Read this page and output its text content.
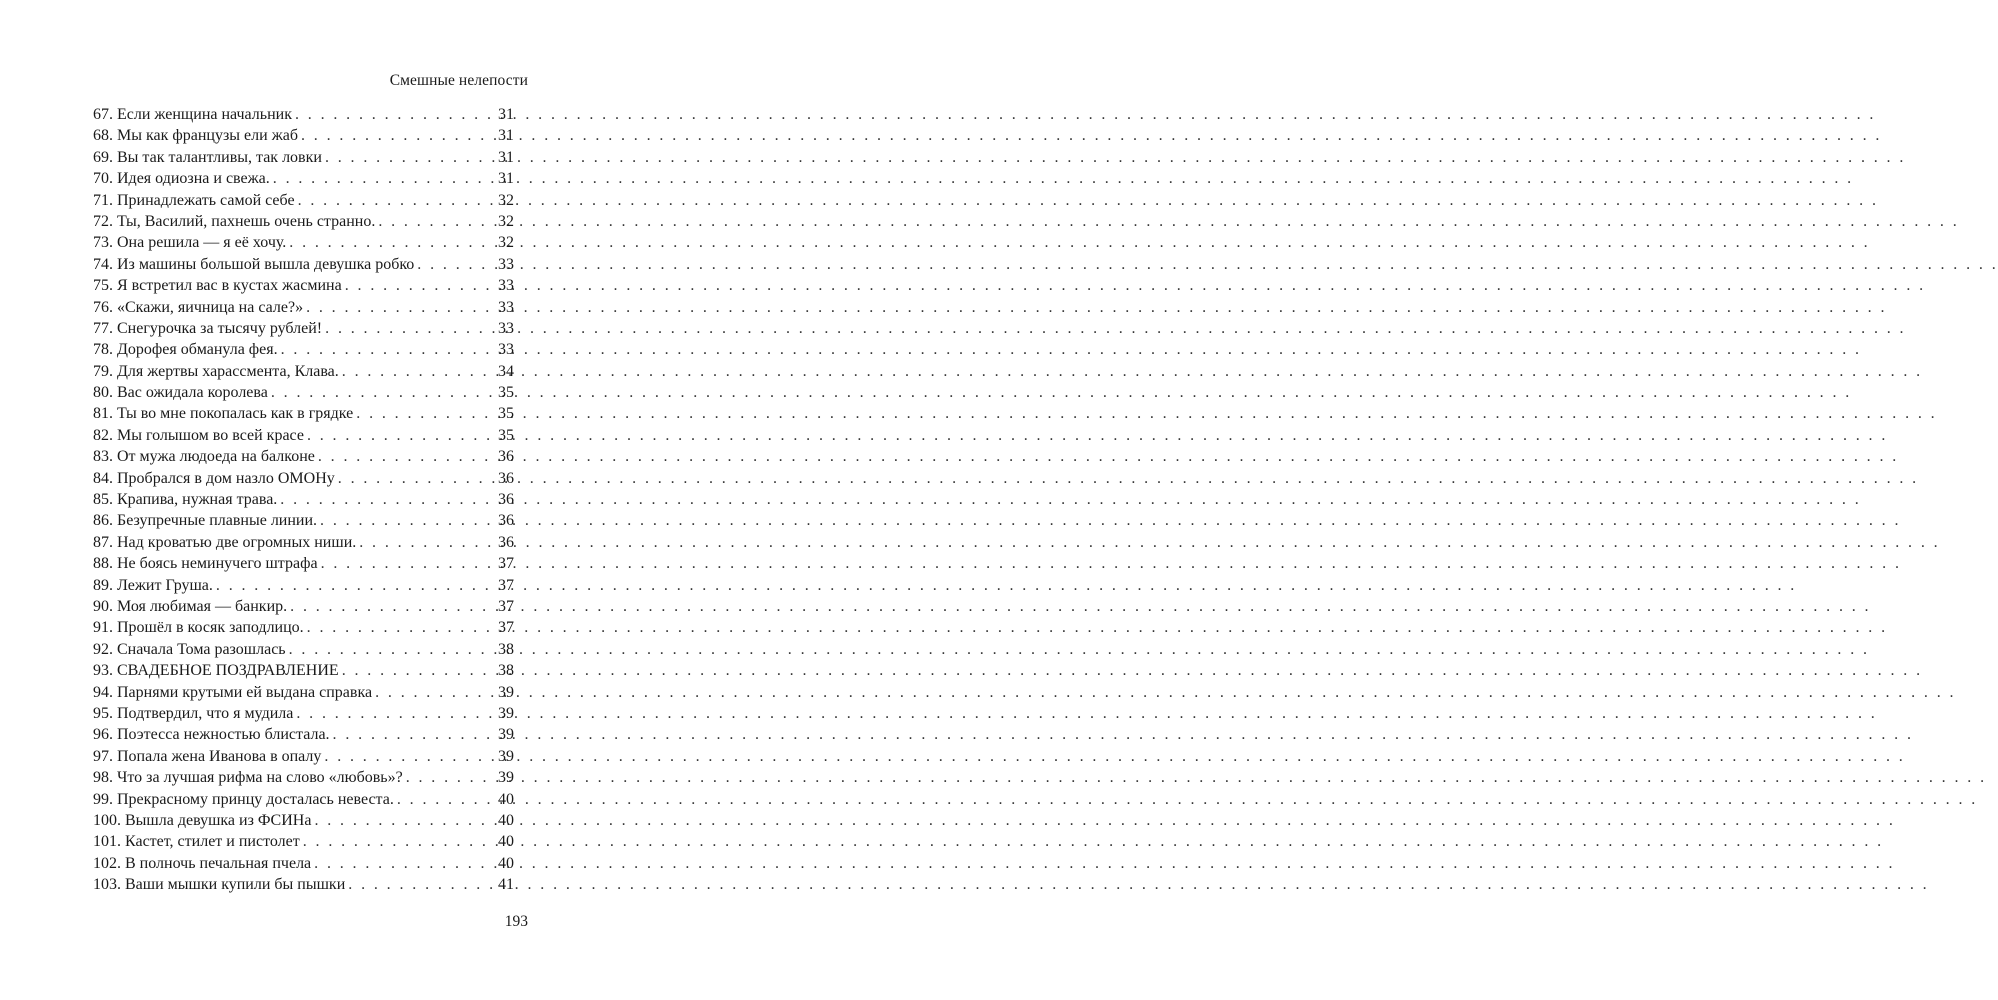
Смешные нелепости
67. Если женщина начальник . . .	31
68. Мы как французы ели жаб . . .	31
69. Вы так талантливы, так ловки . . .	31
70. Идея одиозна и свежа. . . .	31
71. Принадлежать самой себе . . .	32
72. Ты, Василий, пахнешь очень странно. . . .	32
73. Она решила — я её хочу. . . .	32
74. Из машины большой вышла девушка робко . . .	33
75. Я встретил вас в кустах жасмина . . .	33
76. «Скажи, яичница на сале?» . . .	33
77. Снегурочка за тысячу рублей! . . .	33
78. Дорофея обманула фея. . . .	33
79. Для жертвы харассмента, Клава. . . .	34
80. Вас ожидала королева . . .	35
81. Ты во мне покопалась как в грядке . . .	35
82. Мы голышом во всей красе . . .	35
83. От мужа людоеда на балконе . . .	36
84. Пробрался в дом назло ОМОНу . . .	36
85. Крапива, нужная трава. . . .	36
86. Безупречные плавные линии. . . .	36
87. Над кроватью две огромных ниши. . . .	36
88. Не боясь неминучего штрафа . . .	37
89. Лежит Груша. . . .	37
90. Моя любимая — банкир. . . .	37
91. Прошёл в косяк заподлицо. . . .	37
92. Сначала Тома разошлась . . .	38
93. СВАДЕБНОЕ ПОЗДРАВЛЕНИЕ . . .	38
94. Парнями крутыми ей выдана справка . . .	39
95. Подтвердил, что я мудила . . .	39
96. Поэтесса нежностью блистала. . . .	39
97. Попала жена Иванова в опалу . . .	39
98. Что за лучшая рифма на слово «любовь»? . . .	39
99. Прекрасному принцу досталась невеста. . . .	40
100. Вышла девушка из ФСИНа . . .	40
101. Кастет, стилет и пистолет . . .	40
102. В полночь печальная пчела . . .	40
103. Ваши мышки купили бы пышки . . .	41
193
